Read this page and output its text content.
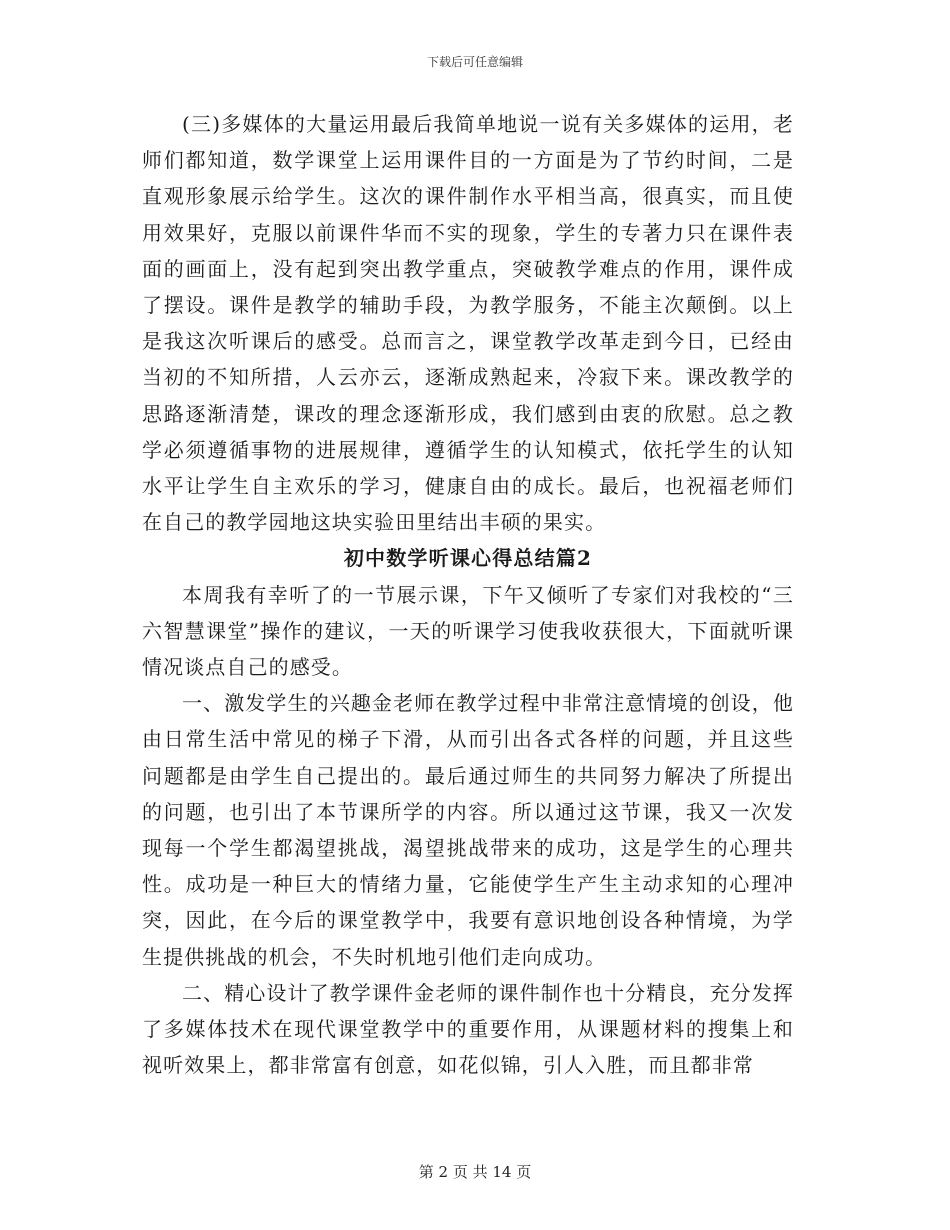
下载后可任意编辑

(三)多媒体的大量运用最后我简单地说一说有关多媒体的运用，老师们都知道，数学课堂上运用课件目的一方面是为了节约时间，二是直观形象展示给学生。这次的课件制作水平相当高，很真实，而且使用效果好，克服以前课件华而不实的现象，学生的专著力只在课件表面的画面上，没有起到突出教学重点，突破教学难点的作用，课件成了摆设。课件是教学的辅助手段，为教学服务，不能主次颠倒。以上是我这次听课后的感受。总而言之，课堂教学改革走到今日，已经由当初的不知所措，人云亦云，逐渐成熟起来，冷寂下来。课改教学的思路逐渐清楚，课改的理念逐渐形成，我们感到由衷的欣慰。总之教学必须遵循事物的进展规律，遵循学生的认知模式，依托学生的认知水平让学生自主欢乐的学习，健康自由的成长。最后，也祝福老师们在自己的教学园地这块实验田里结出丰硕的果实。

初中数学听课心得总结篇2

本周我有幸听了的一节展示课，下午又倾听了专家们对我校的“三六智慧课堂”操作的建议，一天的听课学习使我收获很大，下面就听课情况谈点自己的感受。

一、激发学生的兴趣金老师在教学过程中非常注意情境的创设，他由日常生活中常见的梯子下滑，从而引出各式各样的问题，并且这些问题都是由学生自己提出的。最后通过师生的共同努力解决了所提出的问题，也引出了本节课所学的内容。所以通过这节课，我又一次发现每一个学生都渴望挑战，渴望挑战带来的成功，这是学生的心理共性。成功是一种巨大的情绪力量，它能使学生产生主动求知的心理冲突，因此，在今后的课堂教学中，我要有意识地创设各种情境，为学生提供挑战的机会，不失时机地引他们走向成功。

二、精心设计了教学课件金老师的课件制作也十分精良，充分发挥了多媒体技术在现代课堂教学中的重要作用，从课题材料的搜集上和视听效果上，都非常富有创意，如花似锦，引人入胜，而且都非常

第 2 页 共 14 页
